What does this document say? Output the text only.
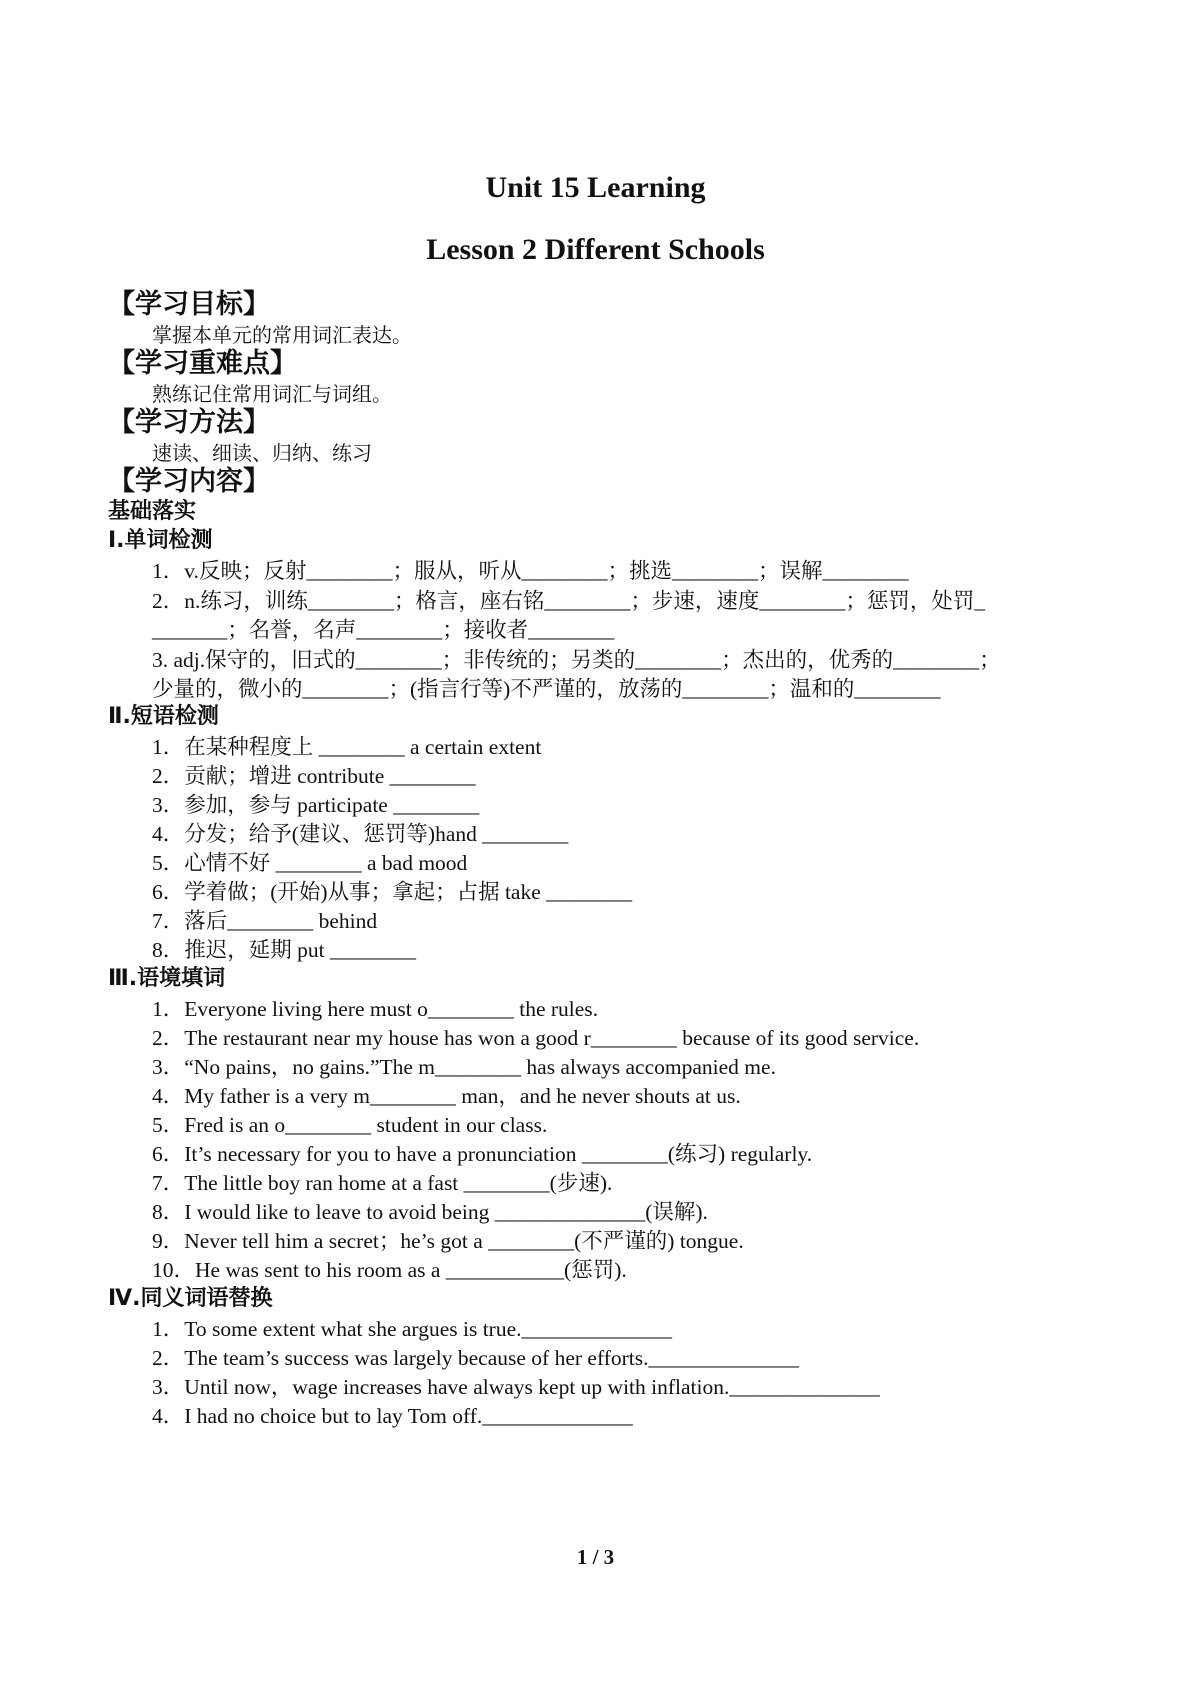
Unit 15 Learning
Lesson 2 Different Schools
【学习目标】
掌握本单元的常用词汇表达。
【学习重难点】
熟练记住常用词汇与词组。
【学习方法】
速读、细读、归纳、练习
【学习内容】
基础落实
Ⅰ.单词检测
1．v.反映；反射________；服从，听从________；挑选________；误解________
2．n.练习，训练________；格言，座右铭________；步速，速度________；惩罚，处罚_
_______；名誉，名声________；接收者________
3. adj.保守的，旧式的________；非传统的；另类的________；杰出的，优秀的________；
少量的，微小的________；(指言行等)不严谨的，放荡的________；温和的________
Ⅱ.短语检测
1．在某种程度上 ________ a certain extent
2．贡献；增进 contribute ________
3．参加，参与 participate ________
4．分发；给予(建议、惩罚等)hand ________
5．心情不好 ________ a bad mood
6．学着做；(开始)从事；拿起；占据 take ________
7．落后________ behind
8．推迟，延期 put ________
Ⅲ.语境填词
1．Everyone living here must o________ the rules.
2．The restaurant near my house has won a good r________ because of its good service.
3．“No pains，no gains.”The m________ has always accompanied me.
4．My father is a very m________ man，and he never shouts at us.
5．Fred is an o________ student in our class.
6．It’s necessary for you to have a pronunciation ________(练习) regularly.
7．The little boy ran home at a fast ________(步速).
8．I would like to leave to avoid being ______________(误解).
9．Never tell him a secret；he’s got a ________(不严谨的) tongue.
10．He was sent to his room as a ___________(惩罚).
Ⅳ.同义词语替换
1．To some extent what she argues is true.______________
2．The team’s success was largely because of her efforts.______________
3．Until now，wage increases have always kept up with inflation.______________
4．I had no choice but to lay Tom off.______________
1 / 3
